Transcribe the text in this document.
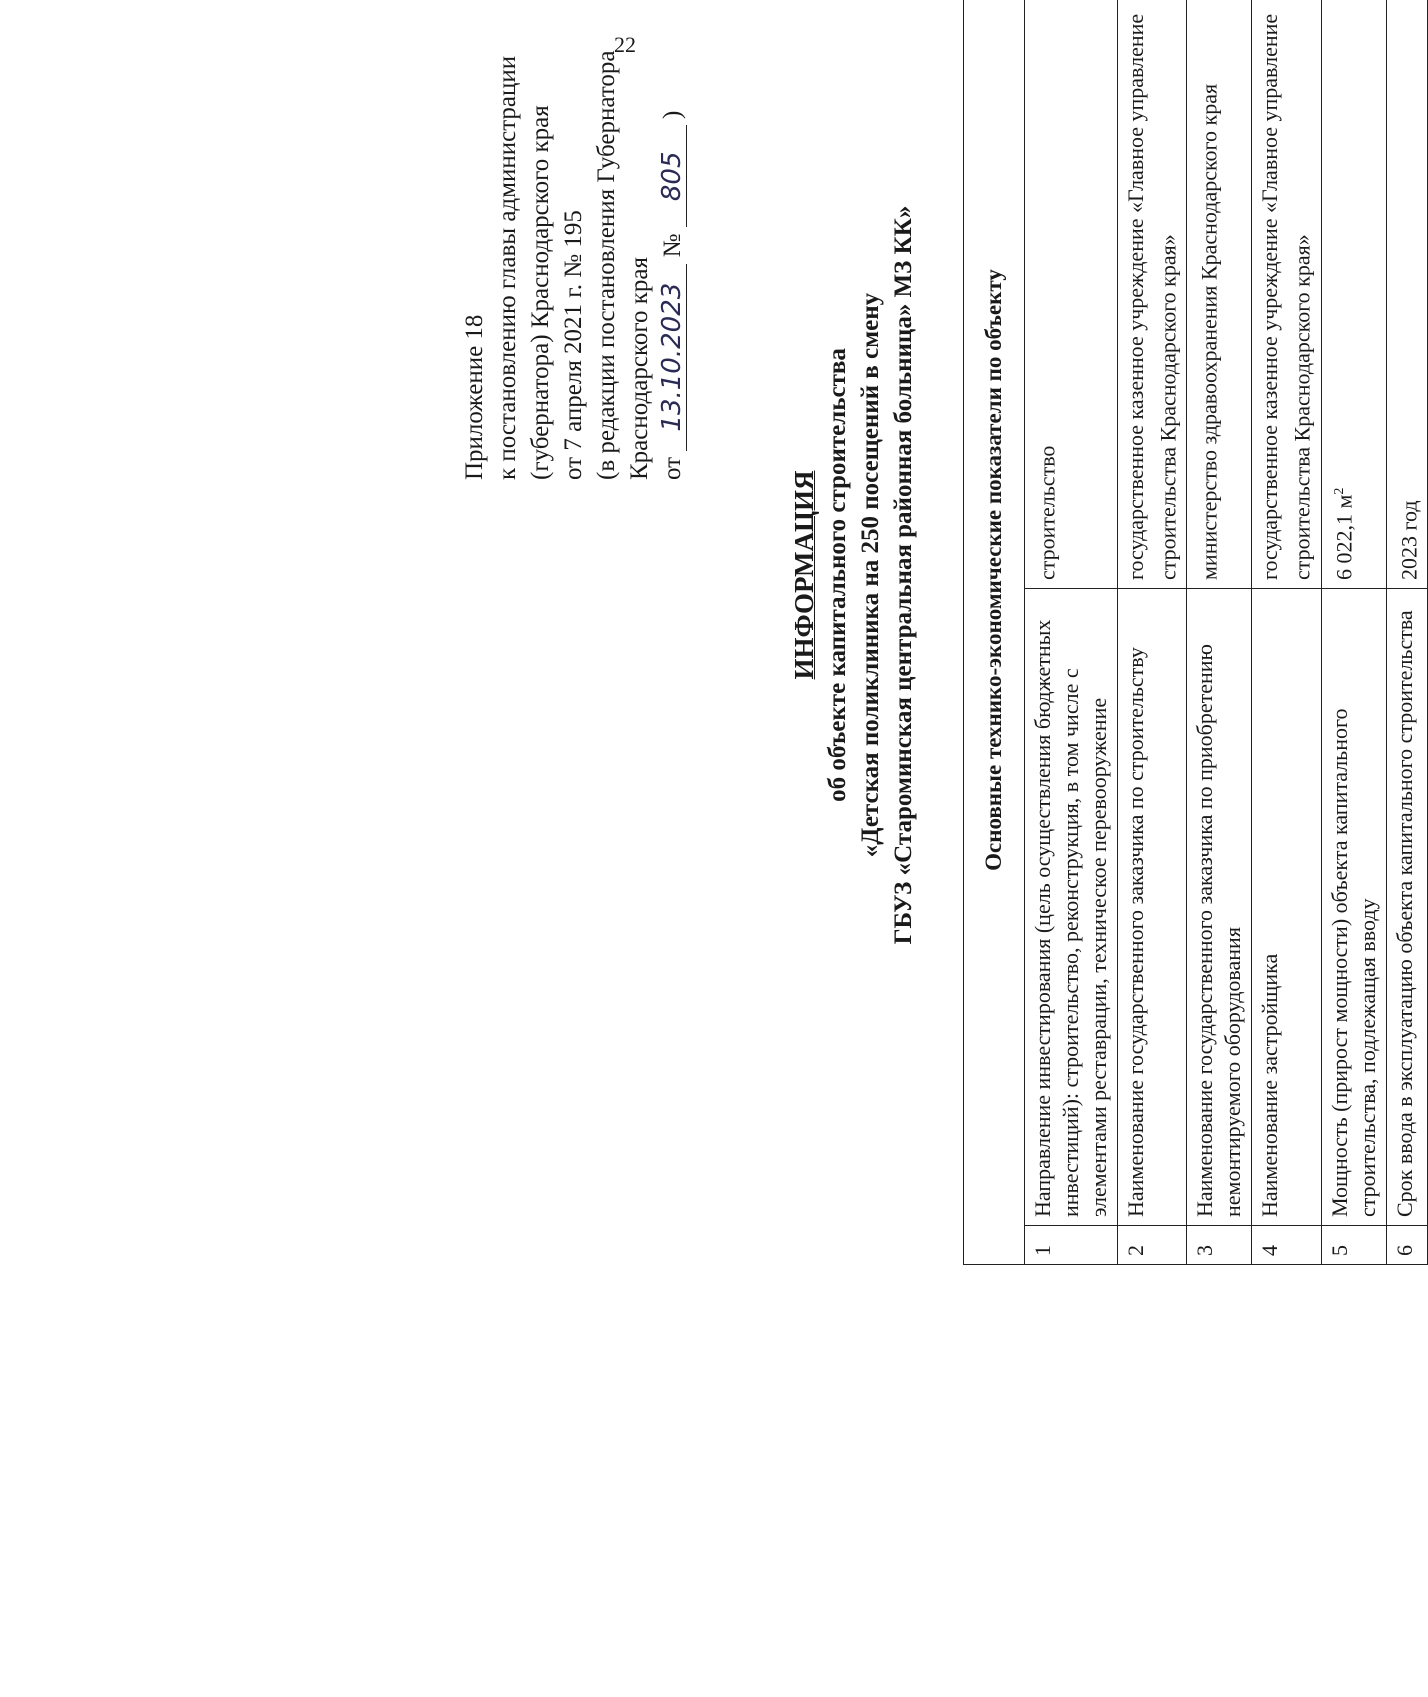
22
Приложение 18 к постановлению главы администрации (губернатора) Краснодарского края от 7 апреля 2021 г. № 195 (в редакции постановления Губернатора Краснодарского края от 13.10.2023 № 805 )
ИНФОРМАЦИЯ об объекте капитального строительства «Детская поликлиника на 250 посещений в смену ГБУЗ «Староминская центральная районная больница» МЗ КК»	Основные технико-экономические показатели по объекту		
1	Направление инвестирования (цель осуществления бюджетных инвестиций): строительство, реконструкция, в том числе с элементами реставрации, техническое перевооружение	строительство
2	Наименование государственного заказчика по строительству	государственное казенное учреждение «Главное управление строительства Краснодарского края»
3	Наименование государственного заказчика по приобретению немонтируемого оборудования	министерство здравоохранения Краснодарского края
4	Наименование застройщика	государственное казенное учреждение «Главное управление строительства Краснодарского края»
5	Мощность (прирост мощности) объекта капитального строительства, подлежащая вводу	6 022,1 $м^2$
6	Срок ввода в эксплуатацию объекта капитального строительства	2023 год
